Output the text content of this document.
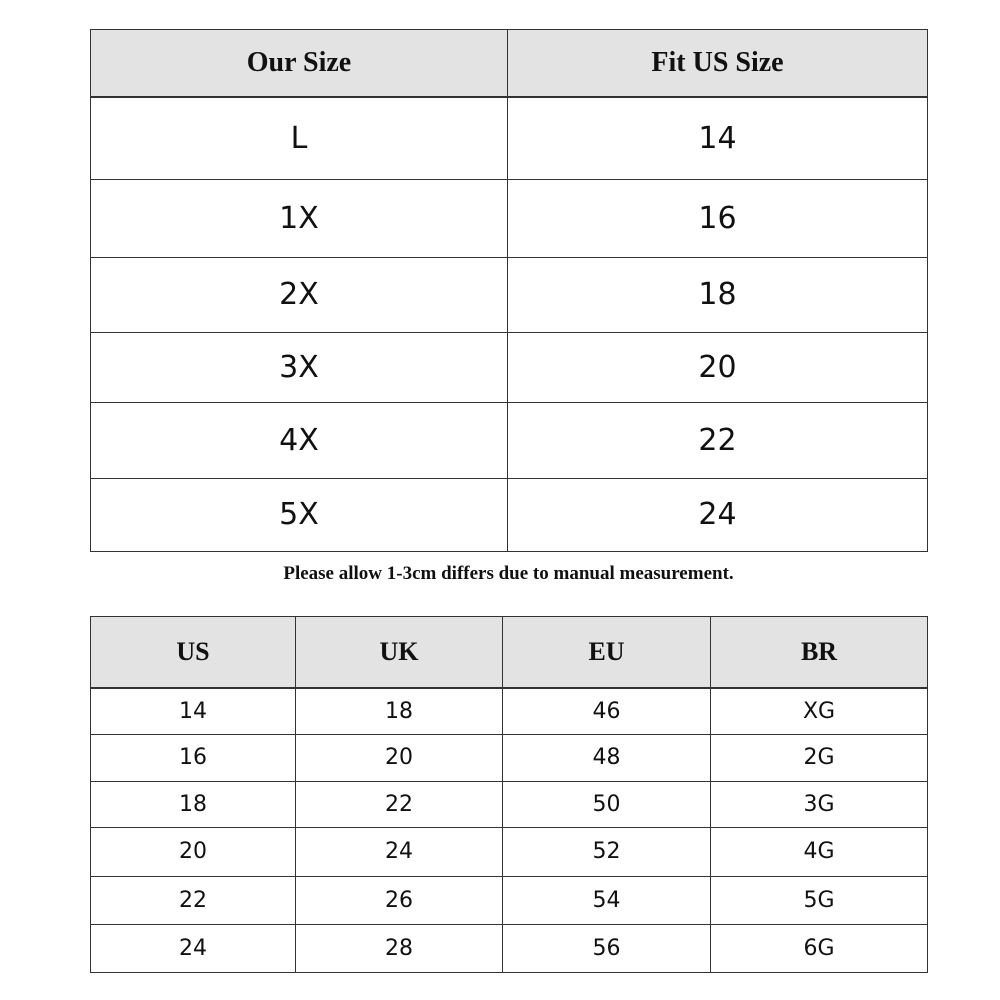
Our Size	Fit US Size
L	14
1X	16
2X	18
3X	20
4X	22
5X	24
Please allow 1-3cm differs due to manual measurement.
US	UK	EU	BR
14	18	46	XG
16	20	48	2G
18	22	50	3G
20	24	52	4G
22	26	54	5G
24	28	56	6G
